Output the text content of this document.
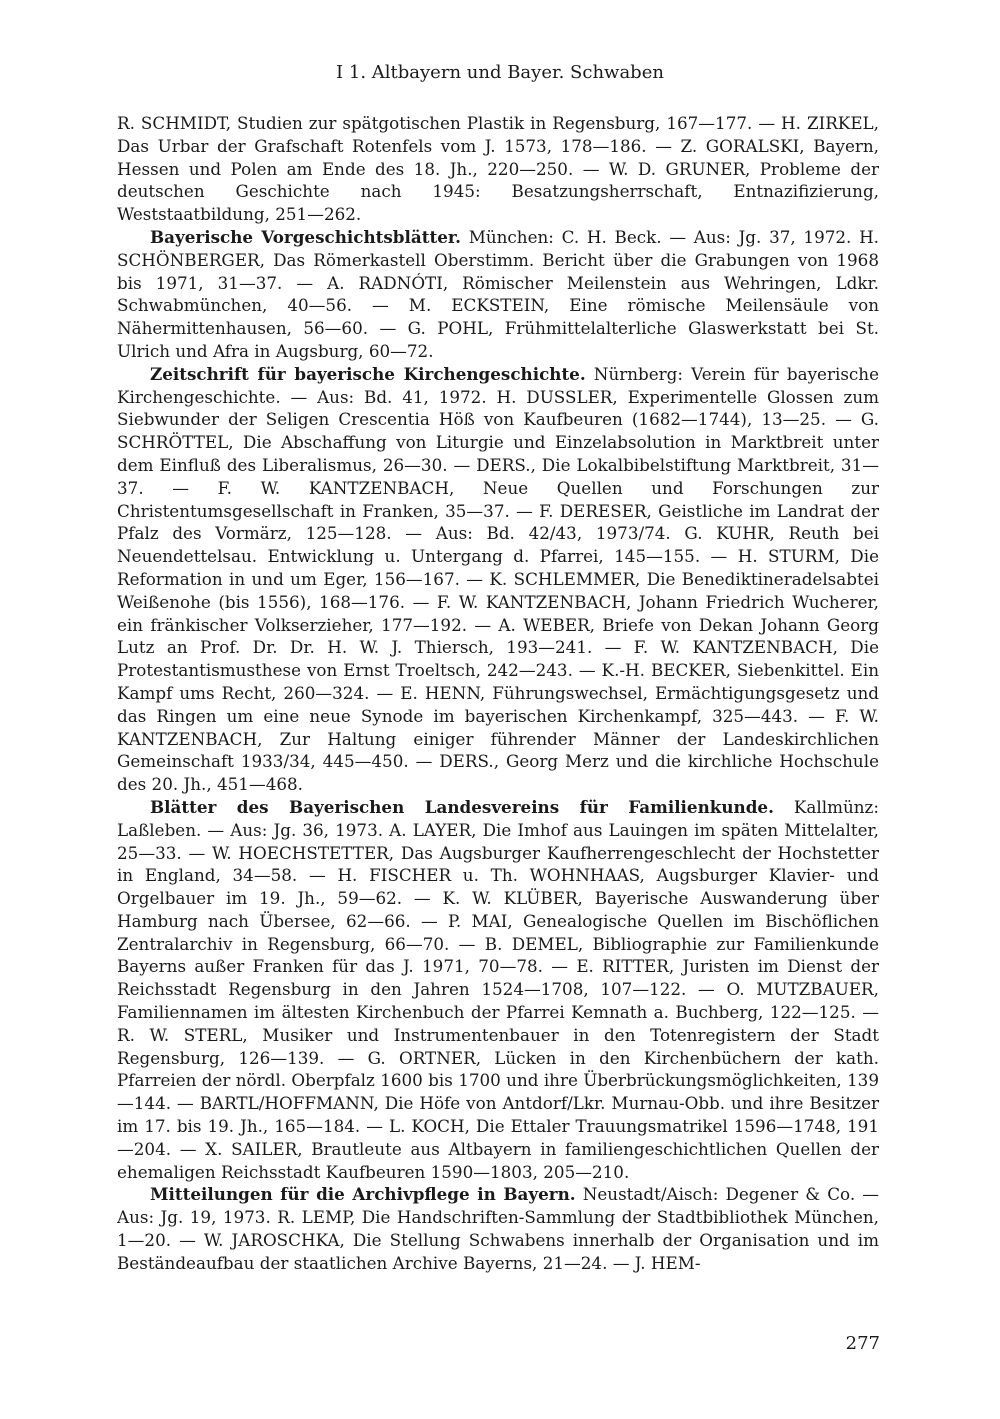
I 1. Altbayern und Bayer. Schwaben

R. SCHMIDT, Studien zur spätgotischen Plastik in Regensburg, 167—177. — H. ZIRKEL, Das Urbar der Grafschaft Rotenfels vom J. 1573, 178—186. — Z. GORALSKI, Bayern, Hessen und Polen am Ende des 18. Jh., 220—250. — W. D. GRUNER, Probleme der deutschen Geschichte nach 1945: Besatzungsherrschaft, Entnazifizierung, Weststaatbildung, 251—262.

Bayerische Vorgeschichtsblätter. München: C. H. Beck. — Aus: Jg. 37, 1972. H. SCHÖNBERGER, Das Römerkastell Oberstimm. Bericht über die Grabungen von 1968 bis 1971, 31—37. — A. RADNÓTI, Römischer Meilenstein aus Wehringen, Ldkr. Schwabmünchen, 40—56. — M. ECKSTEIN, Eine römische Meilensäule von Nähermittenhausen, 56—60. — G. POHL, Frühmittelalterliche Glaswerkstatt bei St. Ulrich und Afra in Augsburg, 60—72.

Zeitschrift für bayerische Kirchengeschichte. Nürnberg: Verein für bayerische Kirchengeschichte. — Aus: Bd. 41, 1972. H. DUSSLER, Experimentelle Glossen zum Siebwunder der Seligen Crescentia Höß von Kaufbeuren (1682—1744), 13—25. — G. SCHRÖTTEL, Die Abschaffung von Liturgie und Einzelabsolution in Marktbreit unter dem Einfluß des Liberalismus, 26—30. — DERS., Die Lokalbibelstiftung Marktbreit, 31—37. — F. W. KANTZENBACH, Neue Quellen und Forschungen zur Christentumsgesellschaft in Franken, 35—37. — F. DERESER, Geistliche im Landrat der Pfalz des Vormärz, 125—128. — Aus: Bd. 42/43, 1973/74. G. KUHR, Reuth bei Neuendettelsau. Entwicklung u. Untergang d. Pfarrei, 145—155. — H. STURM, Die Reformation in und um Eger, 156—167. — K. SCHLEMMER, Die Benediktineradelsabtei Weißenohe (bis 1556), 168—176. — F. W. KANTZENBACH, Johann Friedrich Wucherer, ein fränkischer Volkserzieher, 177—192. — A. WEBER, Briefe von Dekan Johann Georg Lutz an Prof. Dr. Dr. H. W. J. Thiersch, 193—241. — F. W. KANTZENBACH, Die Protestantismusthese von Ernst Troeltsch, 242—243. — K.-H. BECKER, Siebenkittel. Ein Kampf ums Recht, 260—324. — E. HENN, Führungswechsel, Ermächtigungsgesetz und das Ringen um eine neue Synode im bayerischen Kirchenkampf, 325—443. — F. W. KANTZENBACH, Zur Haltung einiger führender Männer der Landeskirchlichen Gemeinschaft 1933/34, 445—450. — DERS., Georg Merz und die kirchliche Hochschule des 20. Jh., 451—468.

Blätter des Bayerischen Landesvereins für Familienkunde. Kallmünz: Laßleben. — Aus: Jg. 36, 1973. A. LAYER, Die Imhof aus Lauingen im späten Mittelalter, 25—33. — W. HOECHSTETTER, Das Augsburger Kaufherrengeschlecht der Hochstetter in England, 34—58. — H. FISCHER u. Th. WOHNHAAS, Augsburger Klavier- und Orgelbauer im 19. Jh., 59—62. — K. W. KLÜBER, Bayerische Auswanderung über Hamburg nach Übersee, 62—66. — P. MAI, Genealogische Quellen im Bischöflichen Zentralarchiv in Regensburg, 66—70. — B. DEMEL, Bibliographie zur Familienkunde Bayerns außer Franken für das J. 1971, 70—78. — E. RITTER, Juristen im Dienst der Reichsstadt Regensburg in den Jahren 1524—1708, 107—122. — O. MUTZBAUER, Familiennamen im ältesten Kirchenbuch der Pfarrei Kemnath a. Buchberg, 122—125. — R. W. STERL, Musiker und Instrumentenbauer in den Totenregistern der Stadt Regensburg, 126—139. — G. ORTNER, Lücken in den Kirchenbüchern der kath. Pfarreien der nördl. Oberpfalz 1600 bis 1700 und ihre Überbrückungsmöglichkeiten, 139—144. — BARTL/HOFFMANN, Die Höfe von Antdorf/Lkr. Murnau-Obb. und ihre Besitzer im 17. bis 19. Jh., 165—184. — L. KOCH, Die Ettaler Trauungsmatrikel 1596—1748, 191—204. — X. SAILER, Brautleute aus Altbayern in familiengeschichtlichen Quellen der ehemaligen Reichsstadt Kaufbeuren 1590—1803, 205—210.

Mitteilungen für die Archivpflege in Bayern. Neustadt/Aisch: Degener & Co. — Aus: Jg. 19, 1973. R. LEMP, Die Handschriften-Sammlung der Stadtbibliothek München, 1—20. — W. JAROSCHKA, Die Stellung Schwabens innerhalb der Organisation und im Beständeaufbau der staatlichen Archive Bayerns, 21—24. — J. HEM-

277
